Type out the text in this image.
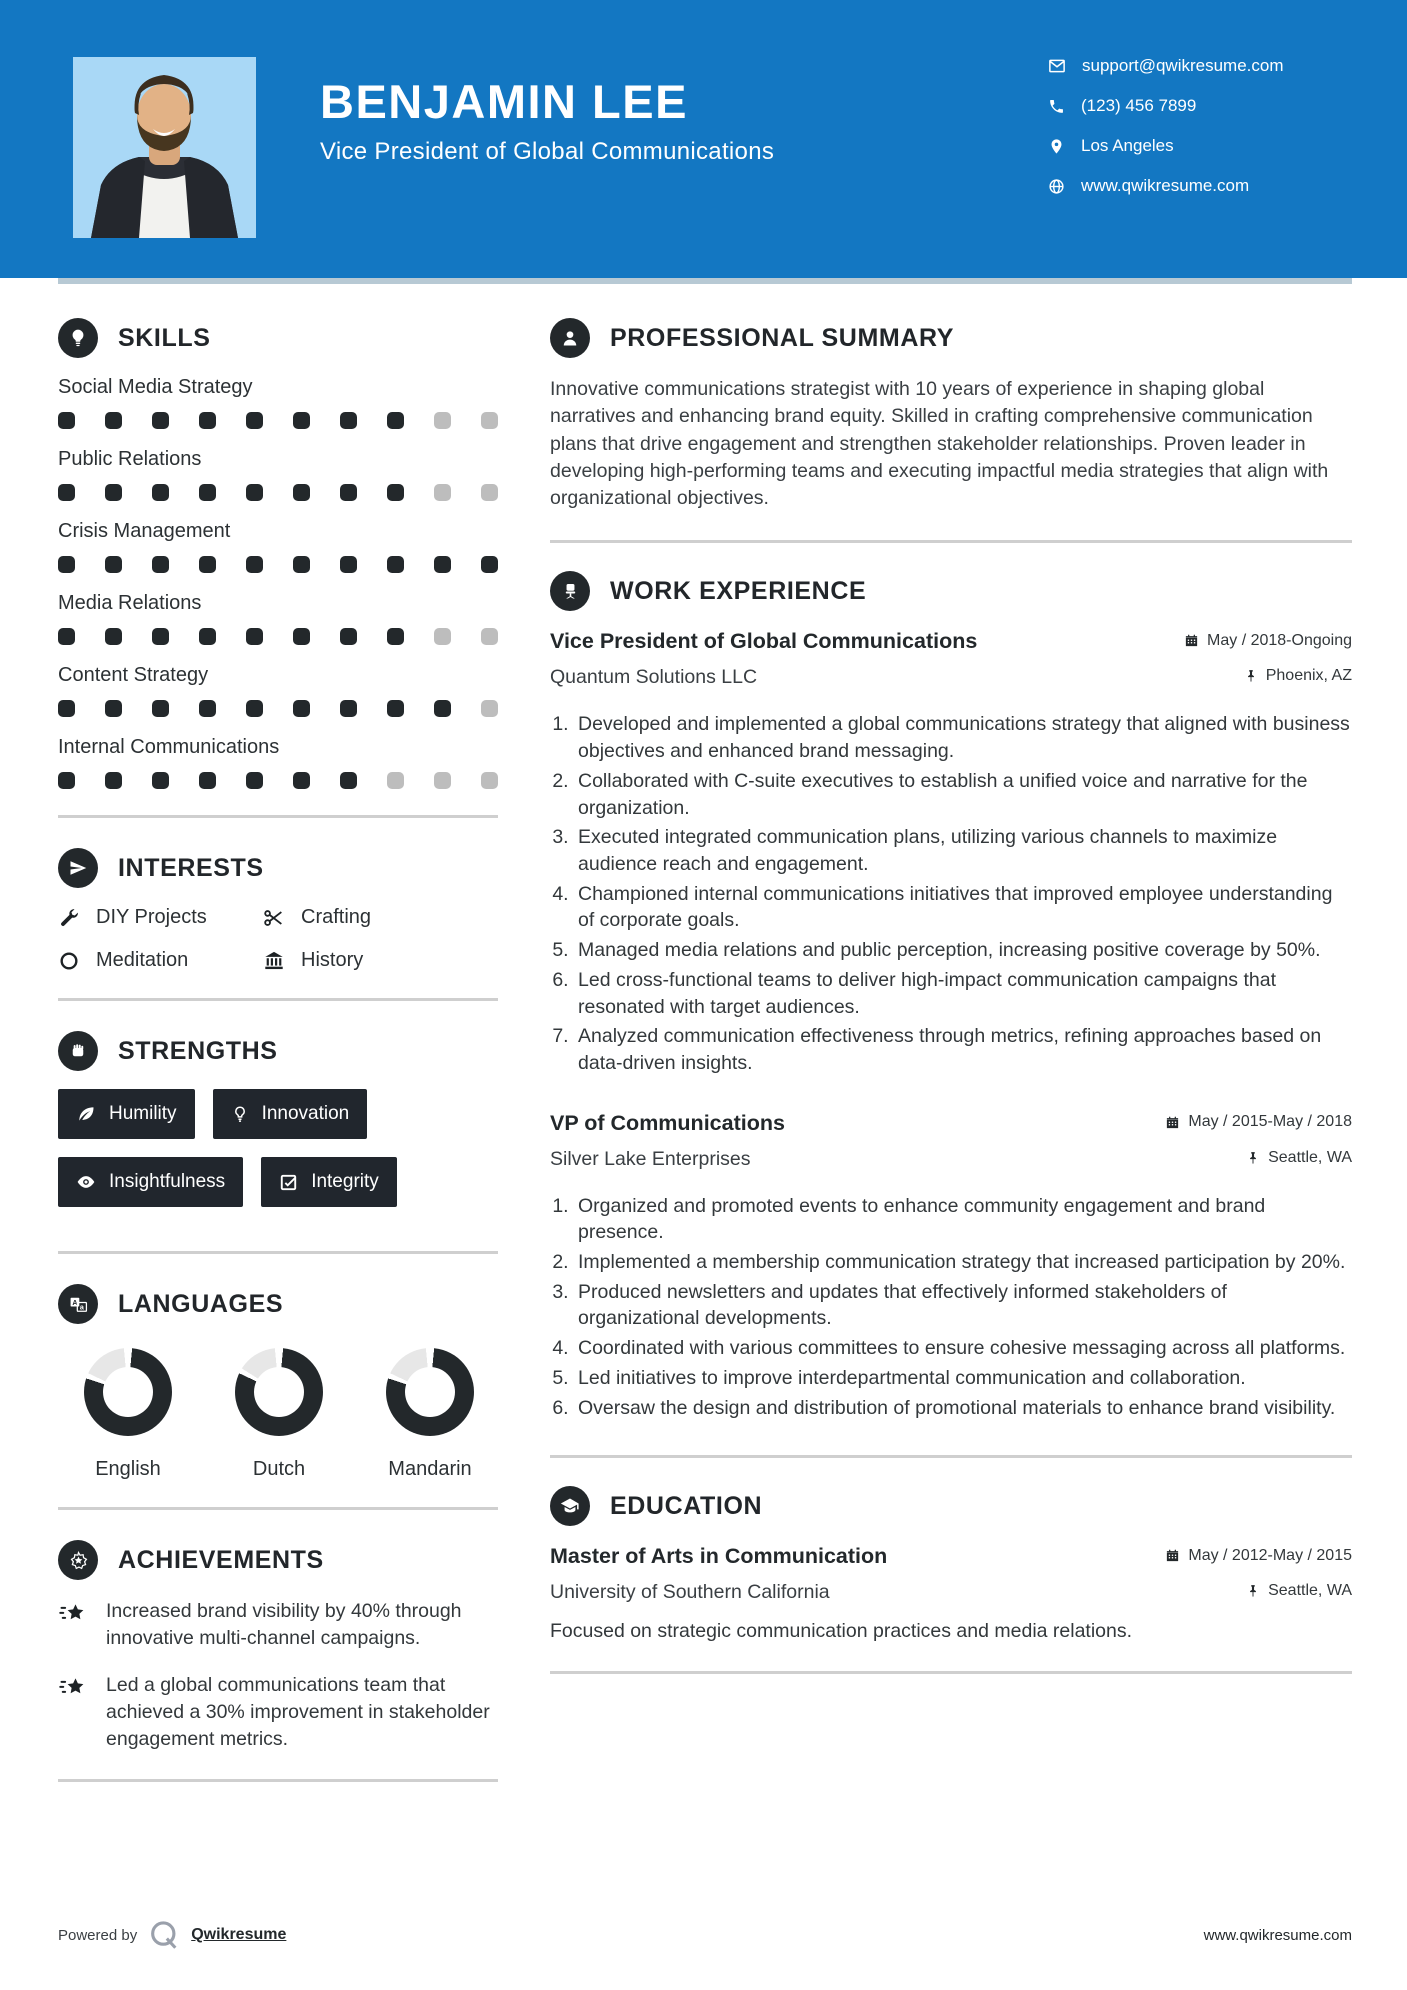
BENJAMIN LEE
Vice President of Global Communications
support@qwikresume.com
(123) 456 7899
Los Angeles
www.qwikresume.com
SKILLS
Social Media Strategy
Public Relations
Crisis Management
Media Relations
Content Strategy
Internal Communications
INTERESTS
DIY Projects	Crafting
Meditation	History
STRENGTHS
Humility	Innovation
Insightfulness	Integrity
A
a LANGUAGES
English	Dutch	Mandarin
ACHIEVEMENTS
Increased brand visibility by 40% through innovative multi-channel campaigns.
Led a global communications team that achieved a 30% improvement in stakeholder engagement metrics.
PROFESSIONAL SUMMARY

Innovative communications strategist with 10 years of experience in shaping global narratives and enhancing brand equity. Skilled in crafting comprehensive communication plans that drive engagement and strengthen stakeholder relationships. Proven leader in developing high-performing teams and executing impactful media strategies that align with organizational objectives.

WORK EXPERIENCE
Vice President of Global Communications	May / 2018-Ongoing
Quantum Solutions LLC	Phoenix, AZ
1. Developed and implemented a global communications strategy that aligned with business objectives and enhanced brand messaging.
2. Collaborated with C-suite executives to establish a unified voice and narrative for the organization.
3. Executed integrated communication plans, utilizing various channels to maximize audience reach and engagement.
4. Championed internal communications initiatives that improved employee understanding of corporate goals.
5. Managed media relations and public perception, increasing positive coverage by 50%.
6. Led cross-functional teams to deliver high-impact communication campaigns that resonated with target audiences.
7. Analyzed communication effectiveness through metrics, refining approaches based on data-driven insights.
VP of Communications	May / 2015-May / 2018
Silver Lake Enterprises	Seattle, WA
1. Organized and promoted events to enhance community engagement and brand presence.
2. Implemented a membership communication strategy that increased participation by 20%.
3. Produced newsletters and updates that effectively informed stakeholders of organizational developments.
4. Coordinated with various committees to ensure cohesive messaging across all platforms.
5. Led initiatives to improve interdepartmental communication and collaboration.
6. Oversaw the design and distribution of promotional materials to enhance brand visibility.
EDUCATION
Master of Arts in Communication	May / 2012-May / 2015
University of Southern California	Seattle, WA
Focused on strategic communication practices and media relations.
Powered by	Qwikresume	www.qwikresume.com
